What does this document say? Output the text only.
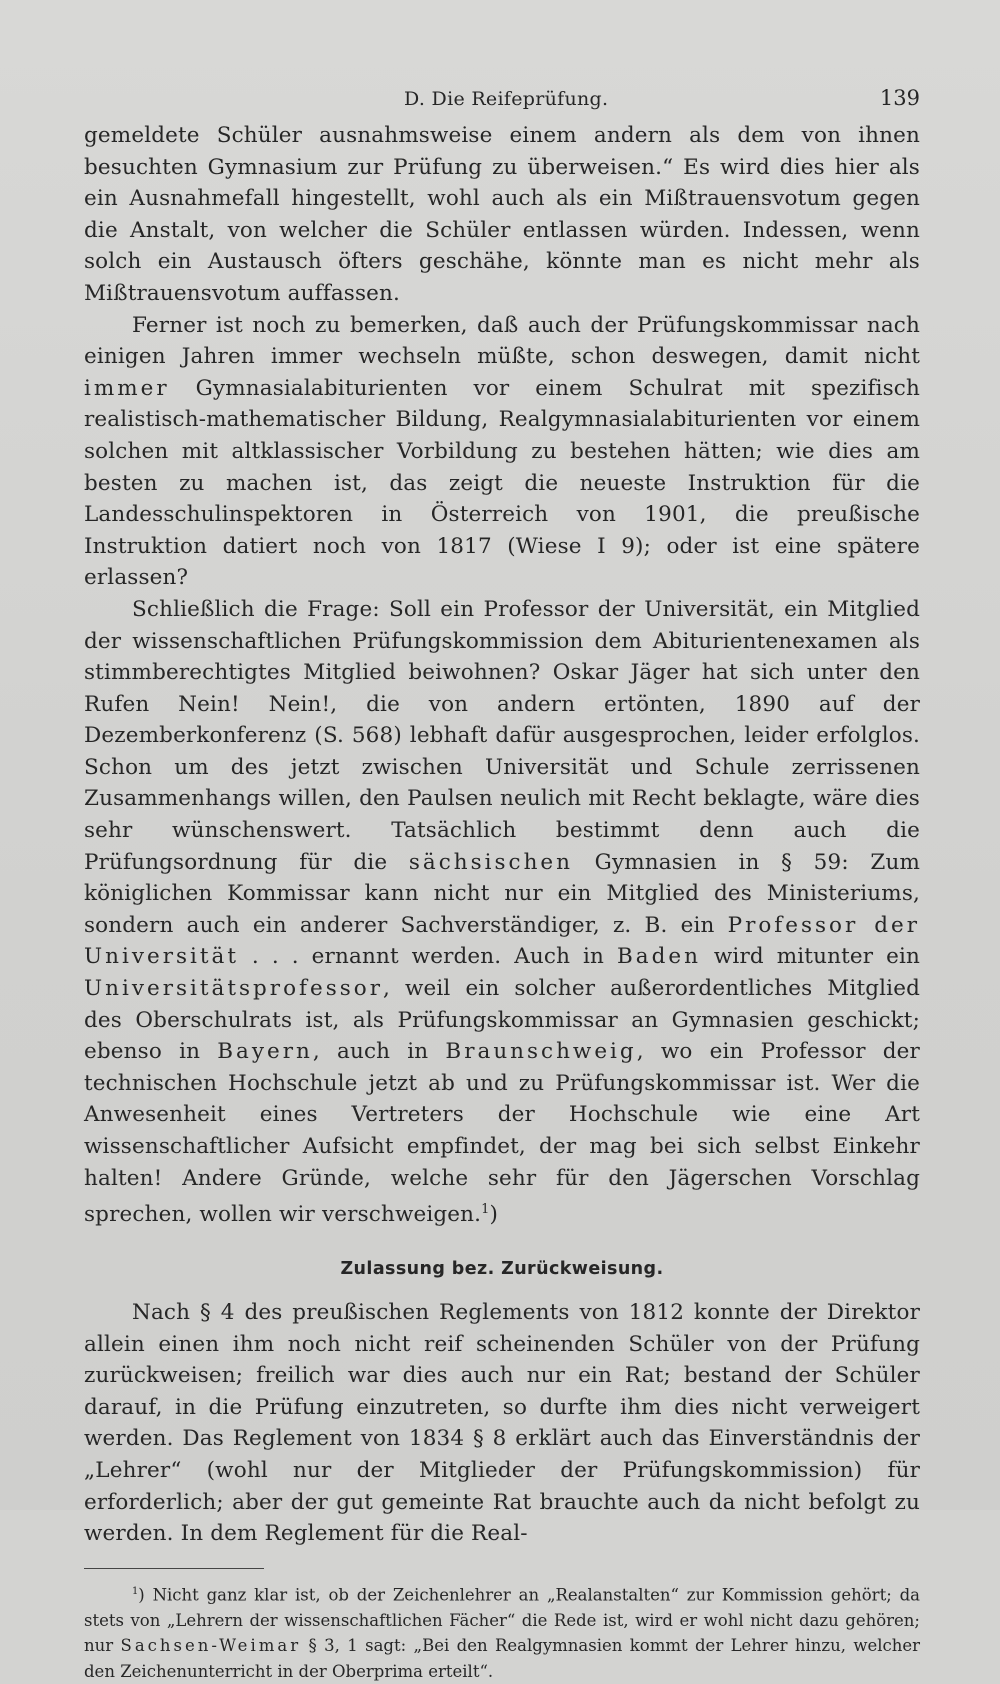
D. Die Reifeprüfung.	139

gemeldete Schüler ausnahmsweise einem andern als dem von ihnen besuchten Gymnasium zur Prüfung zu überweisen.“ Es wird dies hier als ein Ausnahmefall hingestellt, wohl auch als ein Mißtrauensvotum gegen die Anstalt, von welcher die Schüler entlassen würden. Indessen, wenn solch ein Austausch öfters geschähe, könnte man es nicht mehr als Mißtrauensvotum auffassen.

Ferner ist noch zu bemerken, daß auch der Prüfungskommissar nach einigen Jahren immer wechseln müßte, schon deswegen, damit nicht immer Gymnasialabiturienten vor einem Schulrat mit spezifisch realistisch-mathematischer Bildung, Realgymnasialabiturienten vor einem solchen mit altklassischer Vorbildung zu bestehen hätten; wie dies am besten zu machen ist, das zeigt die neueste Instruktion für die Landesschulinspektoren in Österreich von 1901, die preußische Instruktion datiert noch von 1817 (Wiese I 9); oder ist eine spätere erlassen?

Schließlich die Frage: Soll ein Professor der Universität, ein Mitglied der wissenschaftlichen Prüfungskommission dem Abiturientenexamen als stimmberechtigtes Mitglied beiwohnen? Oskar Jäger hat sich unter den Rufen Nein! Nein!, die von andern ertönten, 1890 auf der Dezemberkonferenz (S. 568) lebhaft dafür ausgesprochen, leider erfolglos. Schon um des jetzt zwischen Universität und Schule zerrissenen Zusammenhangs willen, den Paulsen neulich mit Recht beklagte, wäre dies sehr wünschenswert. Tatsächlich bestimmt denn auch die Prüfungsordnung für die sächsischen Gymnasien in § 59: Zum königlichen Kommissar kann nicht nur ein Mitglied des Ministeriums, sondern auch ein anderer Sachverständiger, z. B. ein Professor der Universität . . . ernannt werden. Auch in Baden wird mitunter ein Universitätsprofessor, weil ein solcher außerordentliches Mitglied des Oberschulrats ist, als Prüfungskommissar an Gymnasien geschickt; ebenso in Bayern, auch in Braunschweig, wo ein Professor der technischen Hochschule jetzt ab und zu Prüfungskommissar ist. Wer die Anwesenheit eines Vertreters der Hochschule wie eine Art wissenschaftlicher Aufsicht empfindet, der mag bei sich selbst Einkehr halten! Andere Gründe, welche sehr für den Jägerschen Vorschlag sprechen, wollen wir verschweigen.$^1$)

Zulassung bez. Zurückweisung.

Nach § 4 des preußischen Reglements von 1812 konnte der Direktor allein einen ihm noch nicht reif scheinenden Schüler von der Prüfung zurückweisen; freilich war dies auch nur ein Rat; bestand der Schüler darauf, in die Prüfung einzutreten, so durfte ihm dies nicht verweigert werden. Das Reglement von 1834 § 8 erklärt auch das Einverständnis der „Lehrer“ (wohl nur der Mitglieder der Prüfungskommission) für erforderlich; aber der gut gemeinte Rat brauchte auch da nicht befolgt zu werden. In dem Reglement für die Real-

$^1$) Nicht ganz klar ist, ob der Zeichenlehrer an „Realanstalten“ zur Kommission gehört; da stets von „Lehrern der wissenschaftlichen Fächer“ die Rede ist, wird er wohl nicht dazu gehören; nur Sachsen-Weimar § 3, 1 sagt: „Bei den Realgymnasien kommt der Lehrer hinzu, welcher den Zeichenunterricht in der Oberprima erteilt“.
